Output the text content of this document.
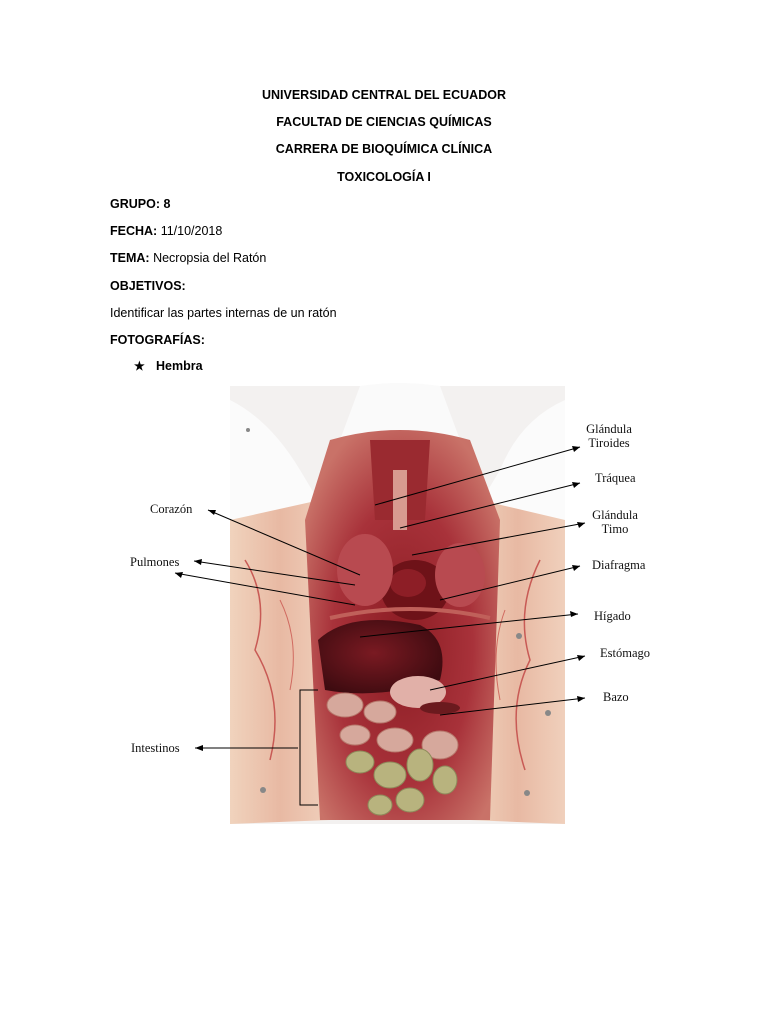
UNIVERSIDAD CENTRAL DEL ECUADOR
FACULTAD DE CIENCIAS QUÍMICAS
CARRERA DE BIOQUÍMICA CLÍNICA
TOXICOLOGÍA I
GRUPO: 8
FECHA: 11/10/2018
TEMA: Necropsia del Ratón
OBJETIVOS:
Identificar las partes internas de un ratón
FOTOGRAFÍAS:
★ Hembra
Glándula
Tiroides
Tráquea
Glándula
Timo
Diafragma
Hígado
Estómago
Bazo
Corazón
Pulmones
Intestinos
